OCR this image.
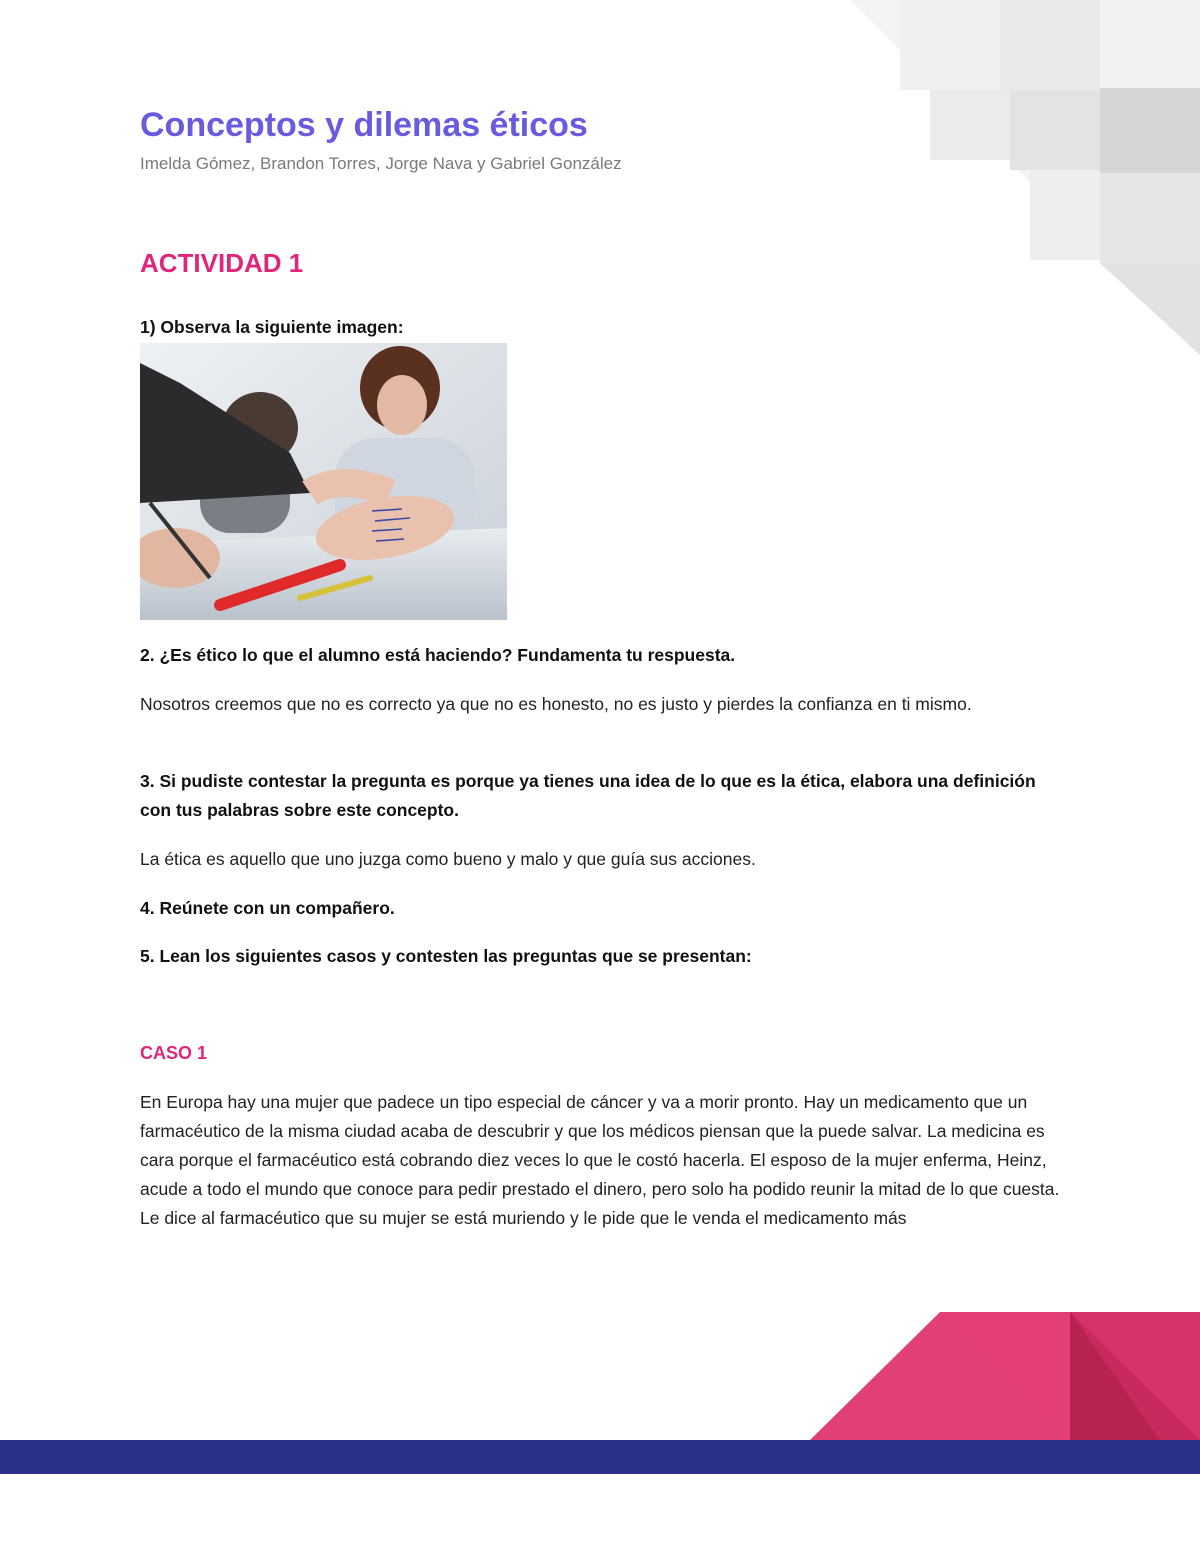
Conceptos y dilemas éticos

Imelda Gómez, Brandon Torres, Jorge Nava y Gabriel González

ACTIVIDAD 1

1) Observa la siguiente imagen:

2. ¿Es ético lo que el alumno está haciendo? Fundamenta tu respuesta.

Nosotros creemos que no es correcto ya que no es honesto, no es justo y pierdes la confianza en ti mismo.

3. Si pudiste contestar la pregunta es porque ya tienes una idea de lo que es la ética, elabora una definición con tus palabras sobre este concepto.

La ética es aquello que uno juzga como bueno y malo y que guía sus acciones.

4. Reúnete con un compañero.

5. Lean los siguientes casos y contesten las preguntas que se presentan:

CASO 1

En Europa hay una mujer que padece un tipo especial de cáncer y va a morir pronto. Hay un medicamento que un farmacéutico de la misma ciudad acaba de descubrir y que los médicos piensan que la puede salvar. La medicina es cara porque el farmacéutico está cobrando diez veces lo que le costó hacerla. El esposo de la mujer enferma, Heinz, acude a todo el mundo que conoce para pedir prestado el dinero, pero solo ha podido reunir la mitad de lo que cuesta. Le dice al farmacéutico que su mujer se está muriendo y le pide que le venda el medicamento más
